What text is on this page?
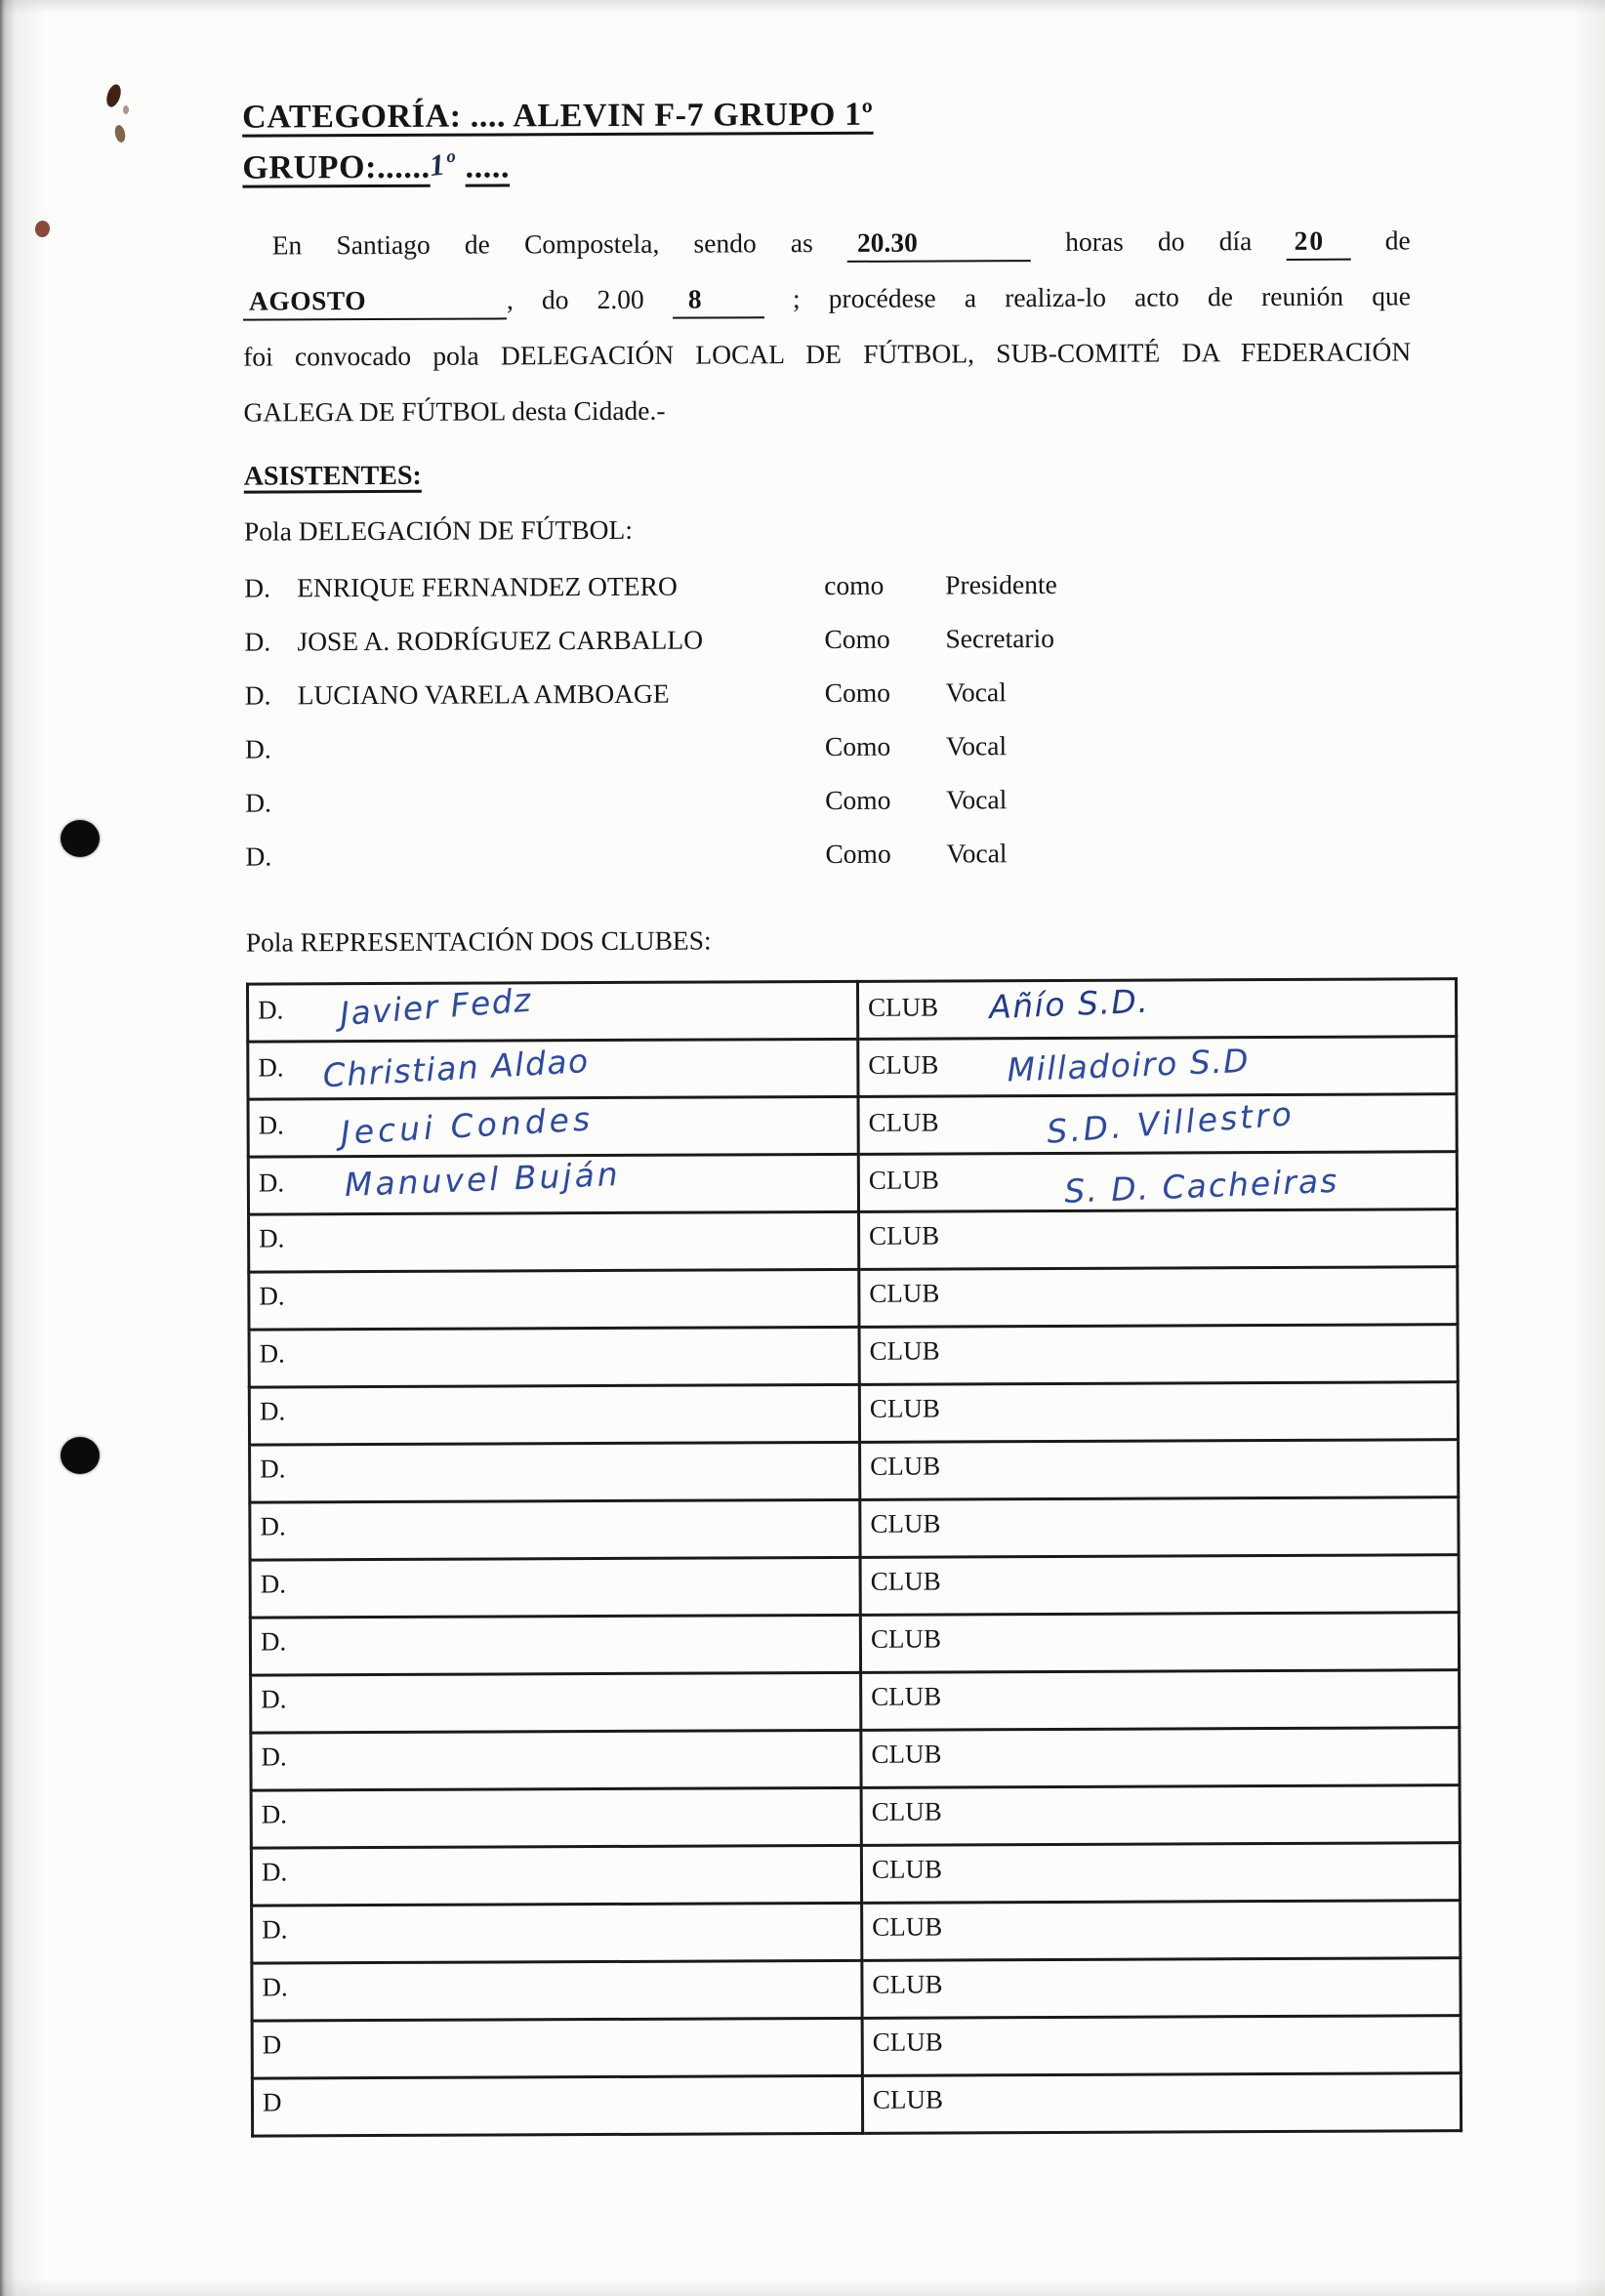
CATEGORÍA: .... ALEVIN F-7 GRUPO 1º
GRUPO:......1º .....
En Santiago de Compostela, sendo as 20.30	horas do día 20 de
AGOSTO	, do 2.00 8	; procédese a realiza-lo acto de reunión que
foi convocado pola DELEGACIÓN LOCAL DE FÚTBOL, SUB-COMITÉ DA FEDERACIÓN
GALEGA DE FÚTBOL desta Cidade.-
ASISTENTES:
Pola DELEGACIÓN DE FÚTBOL:
D. ENRIQUE FERNANDEZ OTERO	como	Presidente
D. JOSE A. RODRÍGUEZ CARBALLO	Como	Secretario
D. LUCIANO VARELA AMBOAGE	Como	Vocal
D.	Como	Vocal
D.	Como	Vocal
D.	Como	Vocal
Pola REPRESENTACIÓN DOS CLUBES:
D. Javier Fedz	CLUB Añío S.D.
D. Christian Aldao	CLUB Milladoiro S.D
D. Jecui Condes	CLUB S.D. Villestro
D. Manuvel Buján	CLUB S. D. Cacheiras
D.	CLUB
D.	CLUB
D.	CLUB
D.	CLUB
D.	CLUB
D.	CLUB
D.	CLUB
D.	CLUB
D.	CLUB
D.	CLUB
D.	CLUB
D.	CLUB
D.	CLUB
D.	CLUB
D	CLUB
D	CLUB
